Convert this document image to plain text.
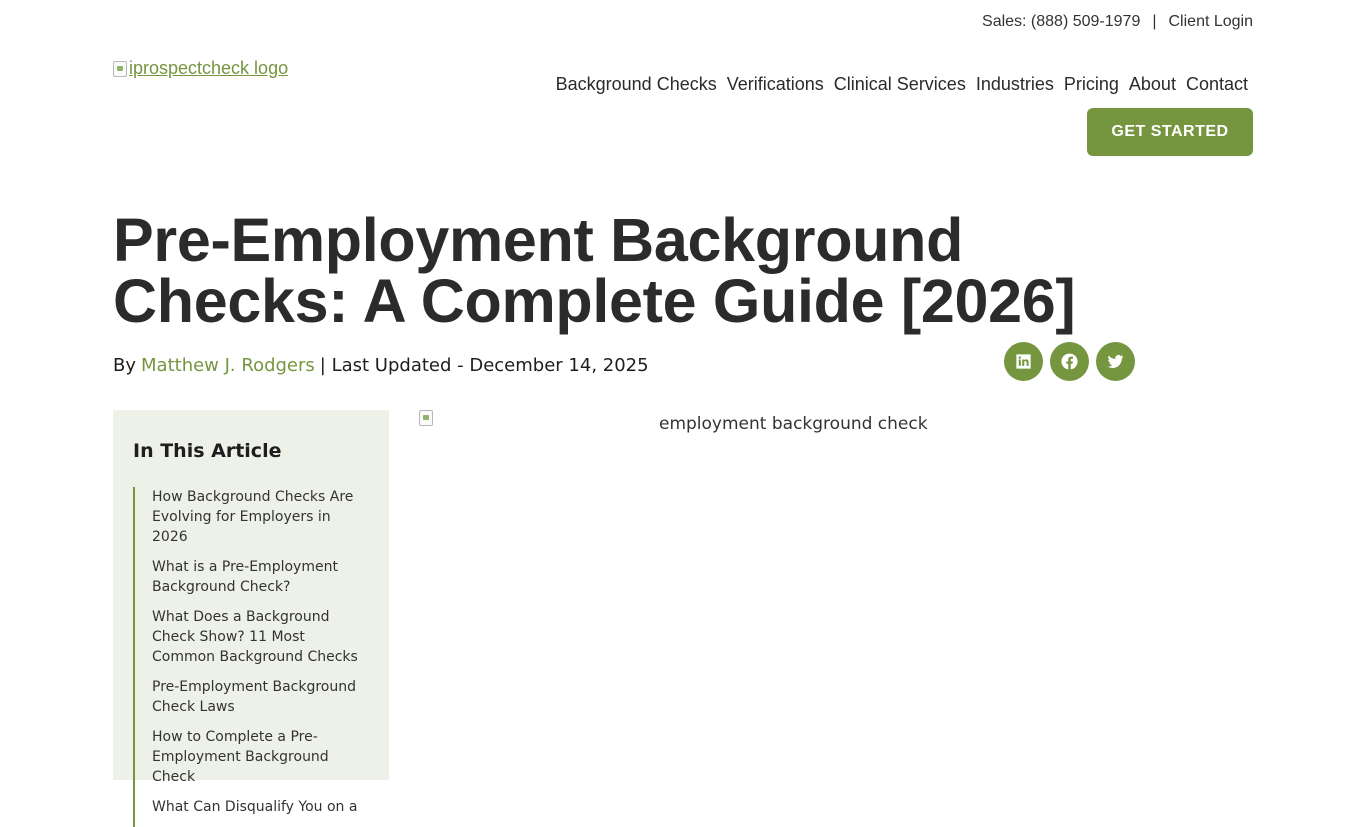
Sales: (888) 509-1979 | Client Login
iprospectcheck logo
Background Checks Verifications Clinical Services Industries Pricing About Contact
GET STARTED
Pre-Employment Background Checks: A Complete Guide [2026]
By Matthew J. Rodgers | Last Updated - December 14, 2025
In This Article
How Background Checks Are Evolving for Employers in 2026
What is a Pre-Employment Background Check?
What Does a Background Check Show? 11 Most Common Background Checks
Pre-Employment Background Check Laws
How to Complete a Pre-Employment Background Check
What Can Disqualify You on a
employment background check
